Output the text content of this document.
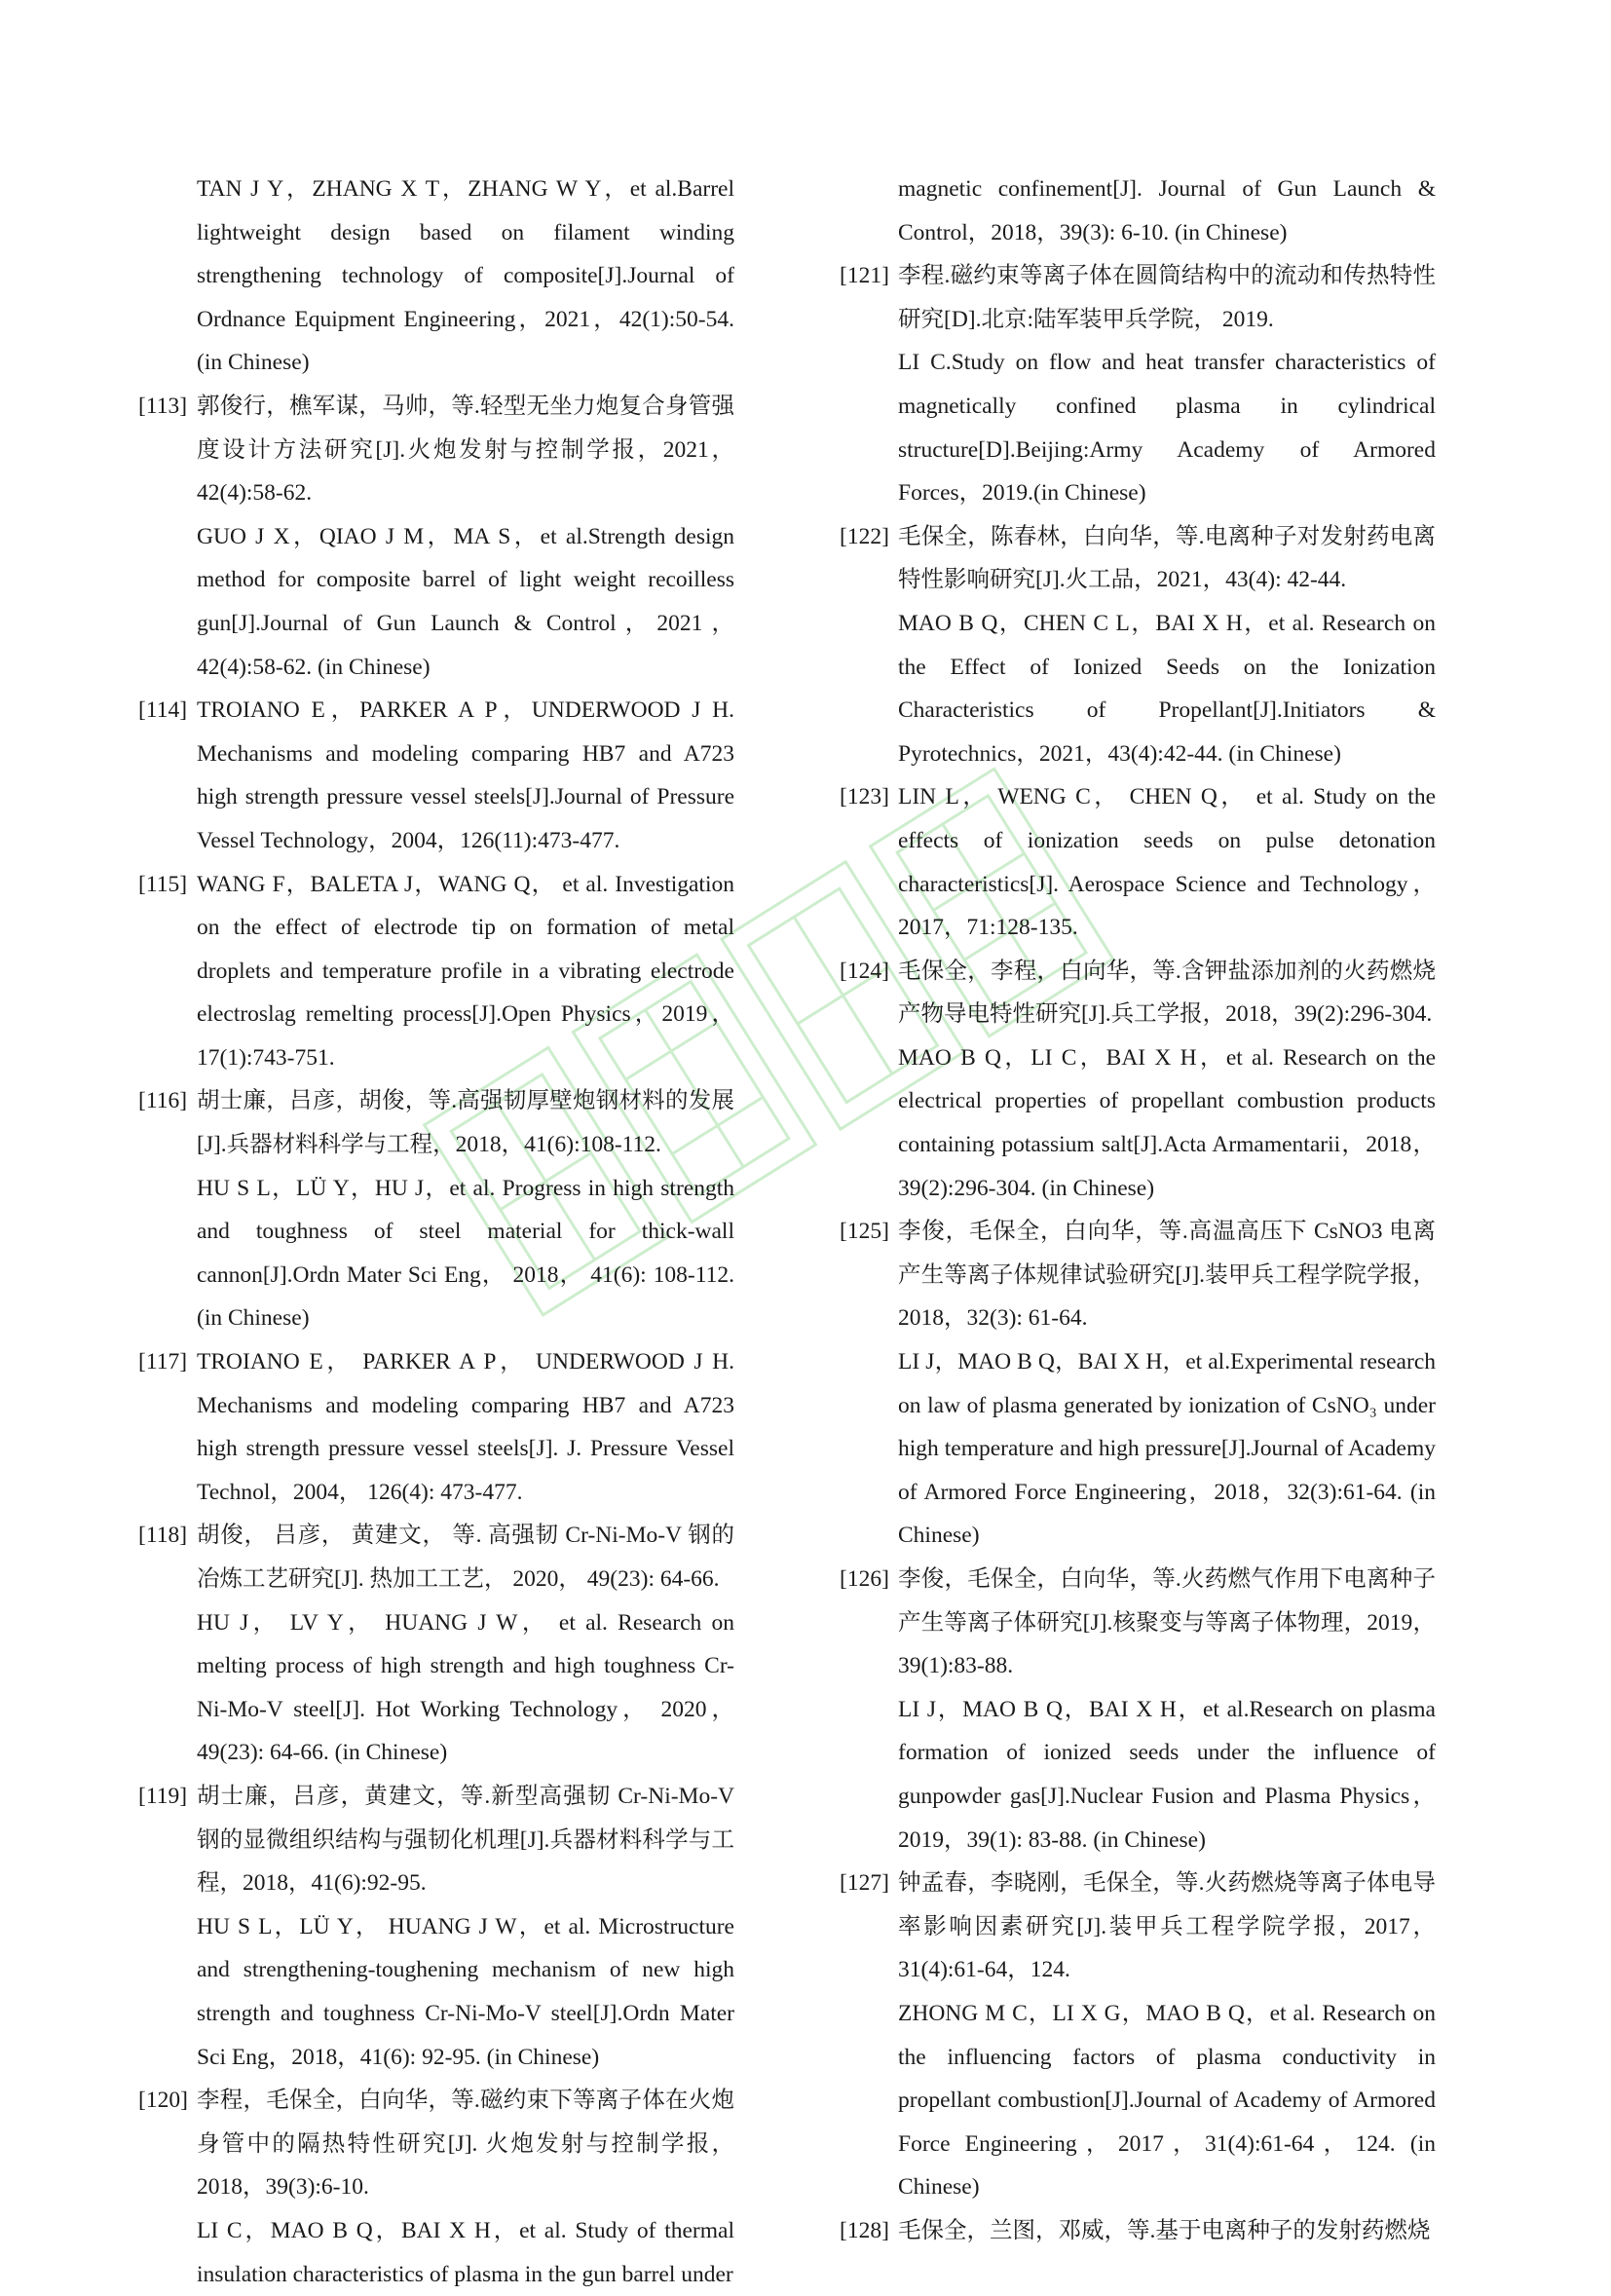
TAN J Y，ZHANG X T，ZHANG W Y，et al.Barrel lightweight design based on filament winding strengthening technology of composite[J].Journal of Ordnance Equipment Engineering，2021，42(1):50-54. (in Chinese)

[113] 郭俊行，樵军谋，马帅，等.轻型无坐力炮复合身管强度设计方法研究[J].火炮发射与控制学报，2021，42(4):58-62.

GUO J X，QIAO J M，MA S，et al.Strength design method for composite barrel of light weight recoilless gun[J].Journal of Gun Launch & Control，2021，42(4):58-62. (in Chinese)

[114] TROIANO E，PARKER A P，UNDERWOOD J H. Mechanisms and modeling comparing HB7 and A723 high strength pressure vessel steels[J].Journal of Pressure Vessel Technology，2004，126(11):473-477.

[115] WANG F，BALETA J，WANG Q， et al. Investigation on the effect of electrode tip on formation of metal droplets and temperature profile in a vibrating electrode electroslag remelting process[J].Open Physics，2019，17(1):743-751.

[116] 胡士廉，吕彦，胡俊，等.高强韧厚壁炮钢材料的发展[J].兵器材料科学与工程，2018，41(6):108-112.

HU S L，LÜ Y，HU J，et al. Progress in high strength and toughness of steel material for thick-wall cannon[J].Ordn Mater Sci Eng， 2018， 41(6): 108-112. (in Chinese)

[117] TROIANO E， PARKER A P， UNDERWOOD J H. Mechanisms and modeling comparing HB7 and A723 high strength pressure vessel steels[J]. J. Pressure Vessel Technol，2004， 126(4): 473-477.

[118] 胡俊， 吕彦， 黄建文， 等. 高强韧 Cr-Ni-Mo-V 钢的冶炼工艺研究[J]. 热加工工艺， 2020， 49(23): 64-66.

HU J， LV Y， HUANG J W， et al. Research on melting process of high strength and high toughness Cr-Ni-Mo-V steel[J]. Hot Working Technology， 2020， 49(23): 64-66. (in Chinese)

[119] 胡士廉，吕彦，黄建文，等.新型高强韧 Cr-Ni-Mo-V 钢的显微组织结构与强韧化机理[J].兵器材料科学与工程，2018，41(6):92-95.

HU S L，LÜ Y， HUANG J W，et al. Microstructure and strengthening-toughening mechanism of new high strength and toughness Cr-Ni-Mo-V steel[J].Ordn Mater Sci Eng，2018，41(6): 92-95. (in Chinese)

[120] 李程，毛保全，白向华，等.磁约束下等离子体在火炮身管中的隔热特性研究[J]. 火炮发射与控制学报， 2018，39(3):6-10.

LI C，MAO B Q，BAI X H，et al. Study of thermal insulation characteristics of plasma in the gun barrel under

magnetic confinement[J]. Journal of Gun Launch & Control，2018，39(3): 6-10. (in Chinese)

[121] 李程.磁约束等离子体在圆筒结构中的流动和传热特性研究[D].北京:陆军装甲兵学院， 2019.

LI C.Study on flow and heat transfer characteristics of magnetically confined plasma in cylindrical structure[D].Beijing:Army Academy of Armored Forces，2019.(in Chinese)

[122] 毛保全，陈春林，白向华，等.电离种子对发射药电离特性影响研究[J].火工品，2021，43(4): 42-44.

MAO B Q，CHEN C L，BAI X H，et al. Research on the Effect of Ionized Seeds on the Ionization Characteristics of Propellant[J].Initiators & Pyrotechnics，2021，43(4):42-44. (in Chinese)

[123] LIN L， WENG C， CHEN Q， et al. Study on the effects of ionization seeds on pulse detonation characteristics[J]. Aerospace Science and Technology，2017，71:128-135.

[124] 毛保全，李程，白向华，等.含钾盐添加剂的火药燃烧产物导电特性研究[J].兵工学报，2018，39(2):296-304.

MAO B Q，LI C，BAI X H，et al. Research on the electrical properties of propellant combustion products containing potassium salt[J].Acta Armamentarii，2018，39(2):296-304. (in Chinese)

[125] 李俊，毛保全，白向华，等.高温高压下 CsNO3 电离产生等离子体规律试验研究[J].装甲兵工程学院学报，2018，32(3): 61-64.

LI J，MAO B Q，BAI X H，et al.Experimental research on law of plasma generated by ionization of CsNO₃ under high temperature and high pressure[J].Journal of Academy of Armored Force Engineering，2018，32(3):61-64. (in Chinese)

[126] 李俊，毛保全，白向华，等.火药燃气作用下电离种子产生等离子体研究[J].核聚变与等离子体物理，2019，39(1):83-88.

LI J，MAO B Q，BAI X H，et al.Research on plasma formation of ionized seeds under the influence of gunpowder gas[J].Nuclear Fusion and Plasma Physics，2019，39(1): 83-88. (in Chinese)

[127] 钟孟春，李晓刚，毛保全，等.火药燃烧等离子体电导率影响因素研究[J].装甲兵工程学院学报，2017，31(4):61-64，124.

ZHONG M C，LI X G，MAO B Q，et al. Research on the influencing factors of plasma conductivity in propellant combustion[J].Journal of Academy of Armored Force Engineering，2017，31(4):61-64，124. (in Chinese)

[128] 毛保全，兰图，邓威，等.基于电离种子的发射药燃烧
